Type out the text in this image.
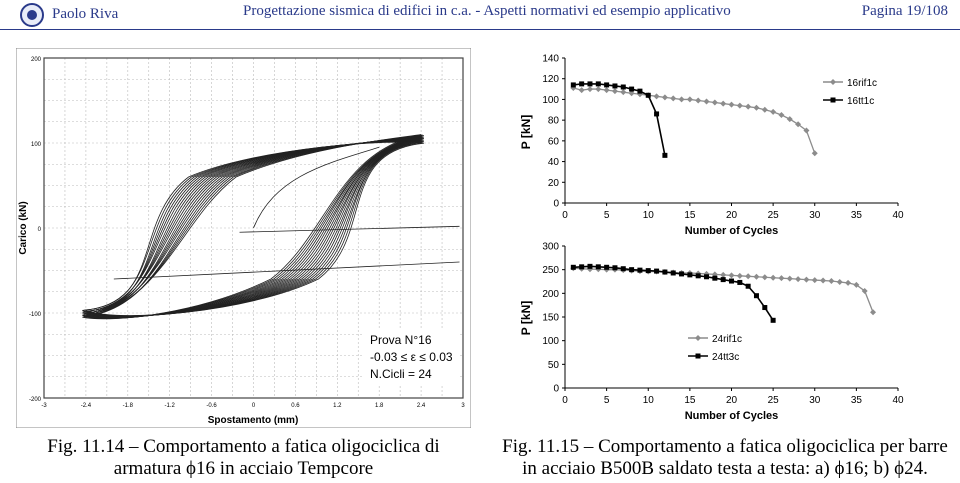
Paolo Riva	Progettazione sismica di edifici in c.a. - Aspetti normativi ed esempio applicativo	Pagina 19/108
200
100
0
-100
-200
-3	-2.4	-1.8	-1.2	-0.6	0	0.6	1.2	1.8	2.4	3
Carico (kN)
Spostamento (mm)
Prova N°16
-0.03 ≤ ε ≤ 0.03
N.Cicli = 24
Fig. 11.14 – Comportamento a fatica oligociclica di
armatura ϕ16 in acciaio Tempcore
0
20
40
60
80
100
120
140
0	5	10	15	20	25	30	35	40
Number of Cycles
P [kN]
16rif1c
16tt1c
0
50
100
150
200
250
300
0	5	10	15	20	25	30	35	40
Number of Cycles
P [kN]
24rif1c
24tt3c
Fig. 11.15 – Comportamento a fatica oligociclica per barre
in acciaio B500B saldato testa a testa: a) ϕ16; b) ϕ24.
